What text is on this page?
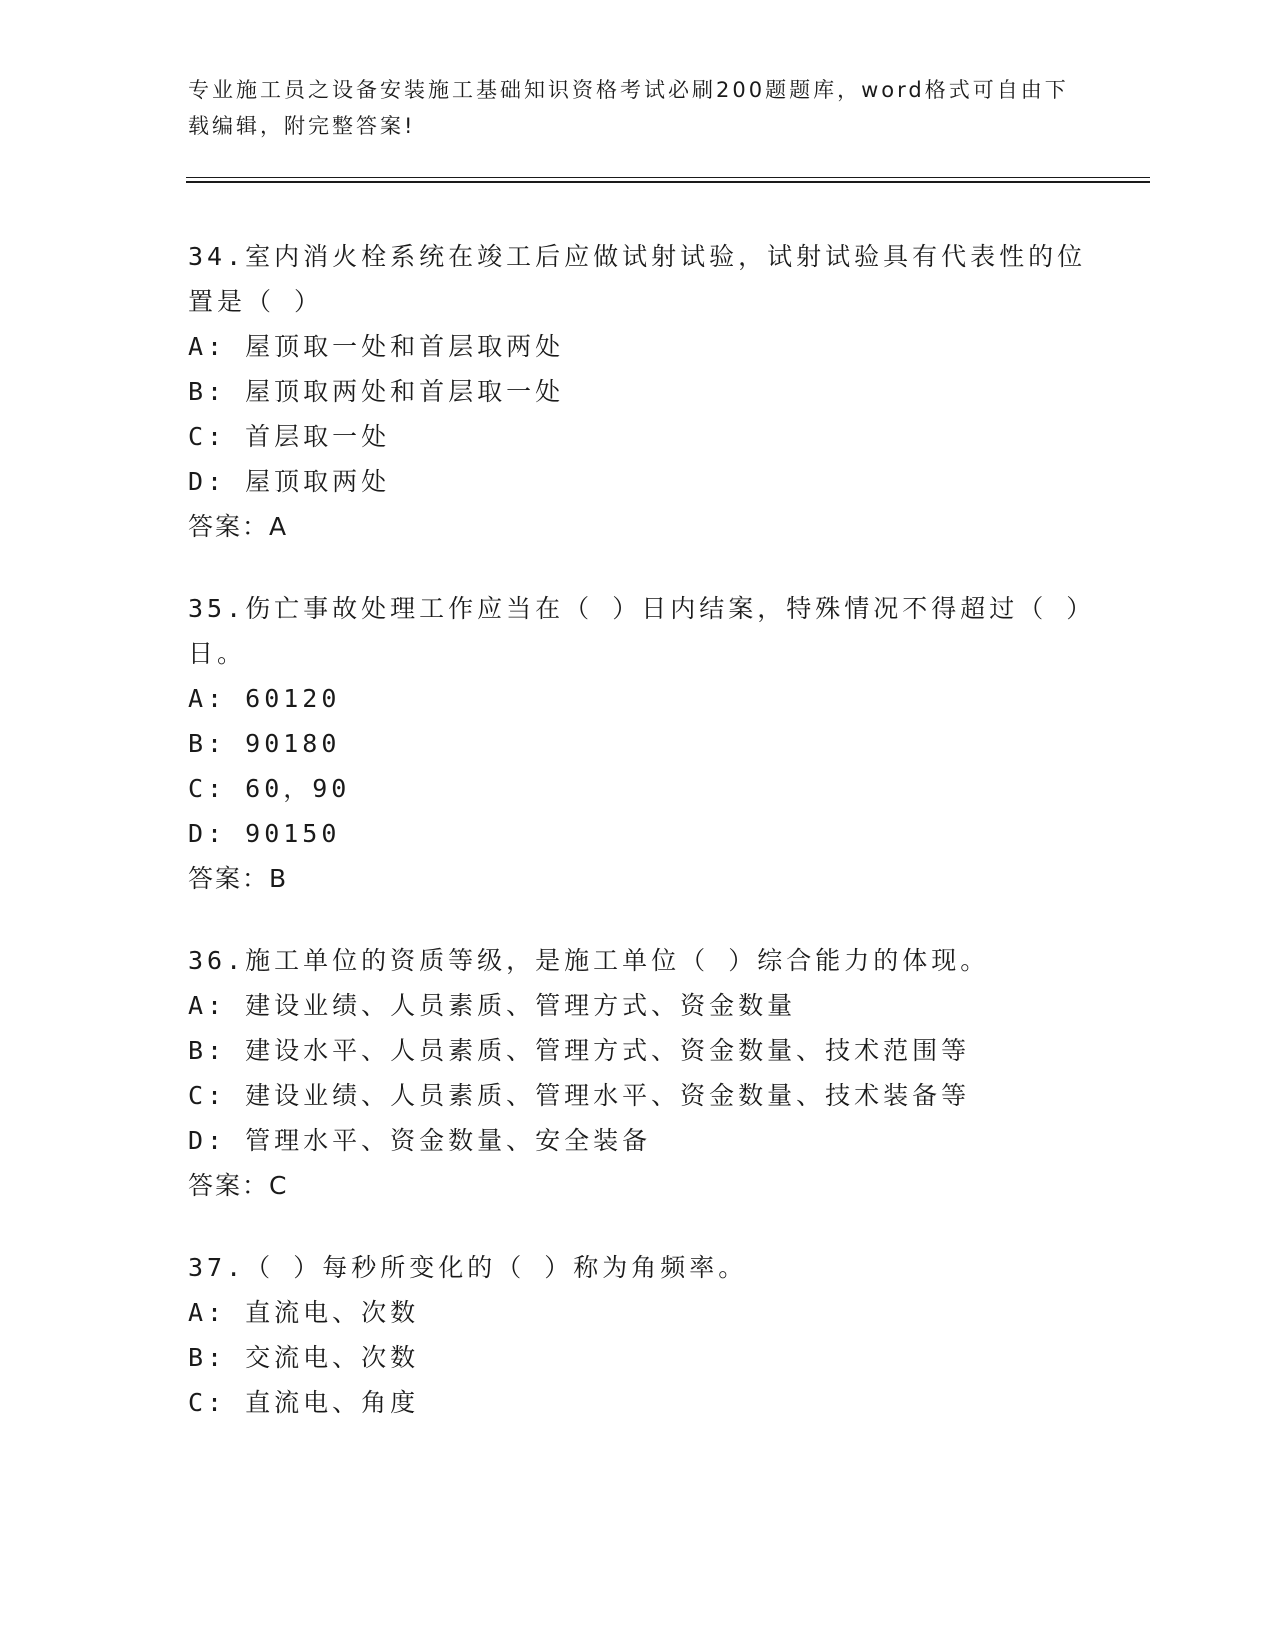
专业施工员之设备安装施工基础知识资格考试必刷200题题库，word格式可自由下载编辑，附完整答案!

34.室内消火栓系统在竣工后应做试射试验，试射试验具有代表性的位置是（ ）

A: 屋顶取一处和首层取两处

B: 屋顶取两处和首层取一处

C: 首层取一处

D: 屋顶取两处

答案：A

35.伤亡事故处理工作应当在（ ）日内结案，特殊情况不得超过（ ）日。

A: 60120

B: 90180

C: 60，90

D: 90150

答案：B

36.施工单位的资质等级，是施工单位（ ）综合能力的体现。

A: 建设业绩、人员素质、管理方式、资金数量

B: 建设水平、人员素质、管理方式、资金数量、技术范围等

C: 建设业绩、人员素质、管理水平、资金数量、技术装备等

D: 管理水平、资金数量、安全装备

答案：C

37.（ ）每秒所变化的（ ）称为角频率。

A: 直流电、次数

B: 交流电、次数

C: 直流电、角度
